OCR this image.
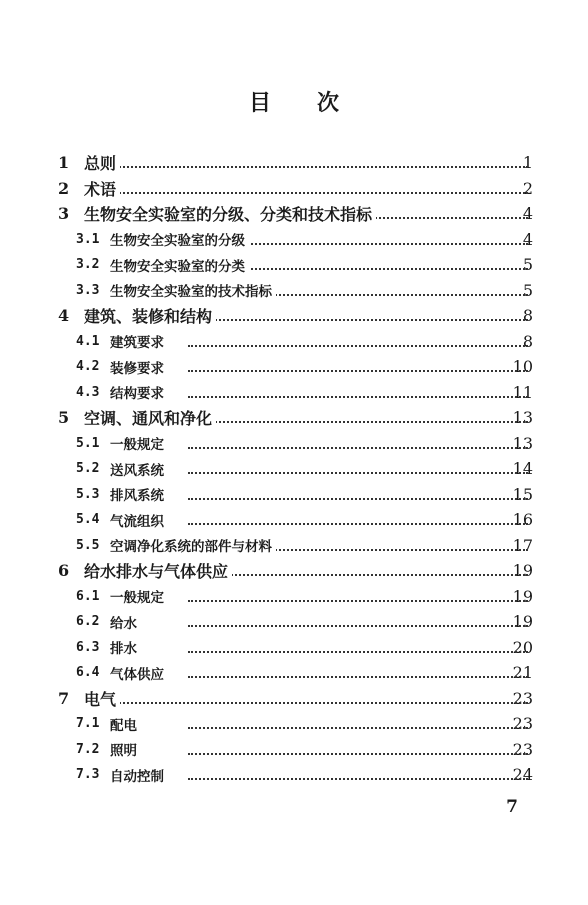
目 次
1 总则	1
2 术语	2
3 生物安全实验室的分级、分类和技术指标	4
3.1 生物安全实验室的分级	4
3.2 生物安全实验室的分类	5
3.3 生物安全实验室的技术指标	5
4 建筑、装修和结构	8
4.1 建筑要求	8
4.2 装修要求	10
4.3 结构要求	11
5 空调、通风和净化	13
5.1 一般规定	13
5.2 送风系统	14
5.3 排风系统	15
5.4 气流组织	16
5.5 空调净化系统的部件与材料	17
6 给水排水与气体供应	19
6.1 一般规定	19
6.2 给水	19
6.3 排水	20
6.4 气体供应	21
7 电气	23
7.1 配电	23
7.2 照明	23
7.3 自动控制	24
7
